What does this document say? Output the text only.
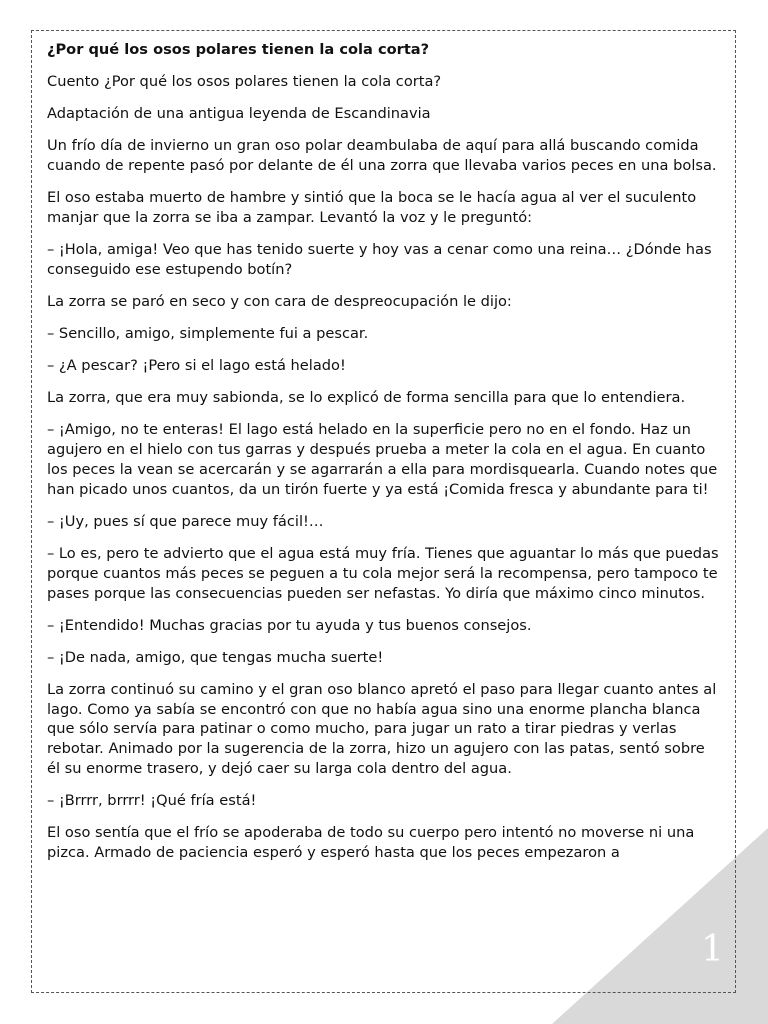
¿Por qué los osos polares tienen la cola corta?

Cuento ¿Por qué los osos polares tienen la cola corta?

Adaptación de una antigua leyenda de Escandinavia

Un frío día de invierno un gran oso polar deambulaba de aquí para allá buscando comida cuando de repente pasó por delante de él una zorra que llevaba varios peces en una bolsa.

El oso estaba muerto de hambre y sintió que la boca se le hacía agua al ver el suculento manjar que la zorra se iba a zampar. Levantó la voz y le preguntó:

– ¡Hola, amiga! Veo que has tenido suerte y hoy vas a cenar como una reina… ¿Dónde has conseguido ese estupendo botín?

La zorra se paró en seco y con cara de despreocupación le dijo:

– Sencillo, amigo, simplemente fui a pescar.

– ¿A pescar? ¡Pero si el lago está helado!

La zorra, que era muy sabionda, se lo explicó de forma sencilla para que lo entendiera.

– ¡Amigo, no te enteras! El lago está helado en la superficie pero no en el fondo. Haz un agujero en el hielo con tus garras y después prueba a meter la cola en el agua. En cuanto los peces la vean se acercarán y se agarrarán a ella para mordisquearla. Cuando notes que han picado unos cuantos, da un tirón fuerte y ya está ¡Comida fresca y abundante para ti!

– ¡Uy, pues sí que parece muy fácil!…

– Lo es, pero te advierto que el agua está muy fría. Tienes que aguantar lo más que puedas porque cuantos más peces se peguen a tu cola mejor será la recompensa, pero tampoco te pases porque las consecuencias pueden ser nefastas. Yo diría que máximo cinco minutos.

– ¡Entendido! Muchas gracias por tu ayuda y tus buenos consejos.

– ¡De nada, amigo, que tengas mucha suerte!

La zorra continuó su camino y el gran oso blanco apretó el paso para llegar cuanto antes al lago. Como ya sabía se encontró con que no había agua sino una enorme plancha blanca que sólo servía para patinar o como mucho, para jugar un rato a tirar piedras y verlas rebotar. Animado por la sugerencia de la zorra, hizo un agujero con las patas, sentó sobre él su enorme trasero, y dejó caer su larga cola dentro del agua.

– ¡Brrrr, brrrr! ¡Qué fría está!

El oso sentía que el frío se apoderaba de todo su cuerpo pero intentó no moverse ni una pizca. Armado de paciencia esperó y esperó hasta que los peces empezaron a

1
